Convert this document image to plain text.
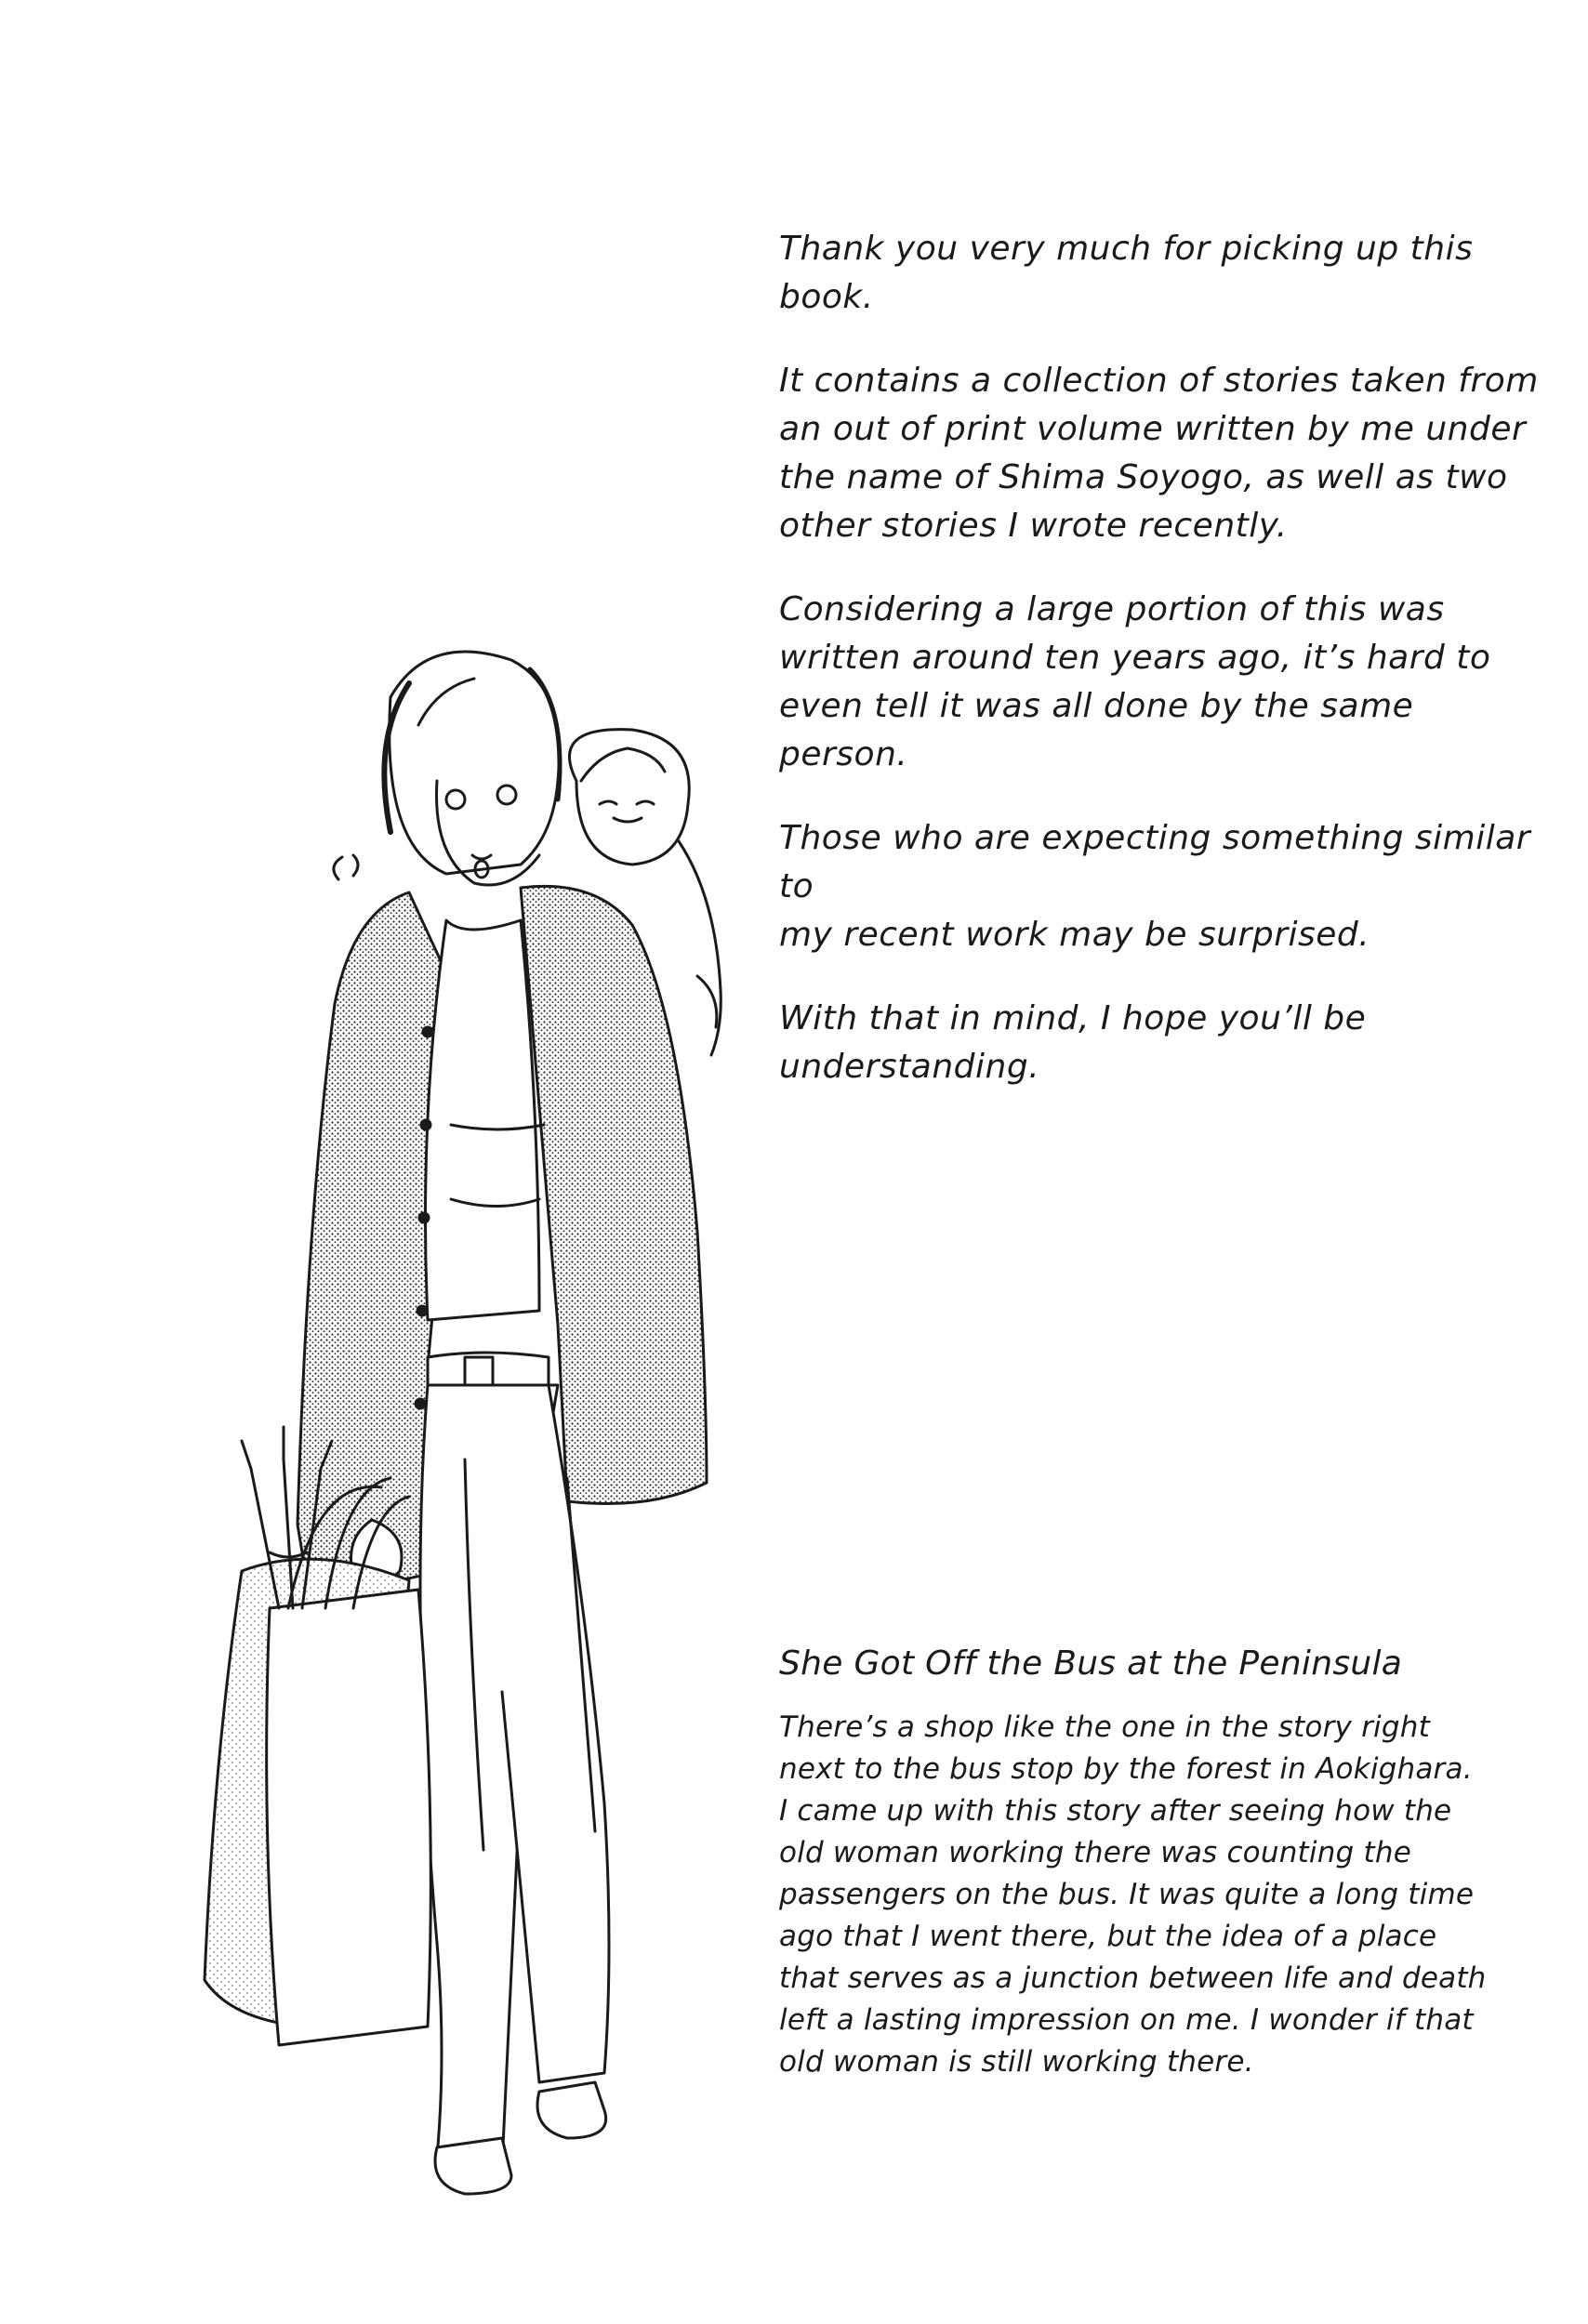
Thank you very much for picking up this book.

It contains a collection of stories taken from
an out of print volume written by me under
the name of Shima Soyogo, as well as two
other stories I wrote recently.

Considering a large portion of this was
written around ten years ago, it’s hard to
even tell it was all done by the same person.

Those who are expecting something similar to
my recent work may be surprised.

With that in mind, I hope you’ll be
understanding.

She Got Off the Bus at the Peninsula

There’s a shop like the one in the story right
next to the bus stop by the forest in Aokighara.
I came up with this story after seeing how the
old woman working there was counting the
passengers on the bus. It was quite a long time
ago that I went there, but the idea of a place
that serves as a junction between life and death
left a lasting impression on me. I wonder if that
old woman is still working there.
